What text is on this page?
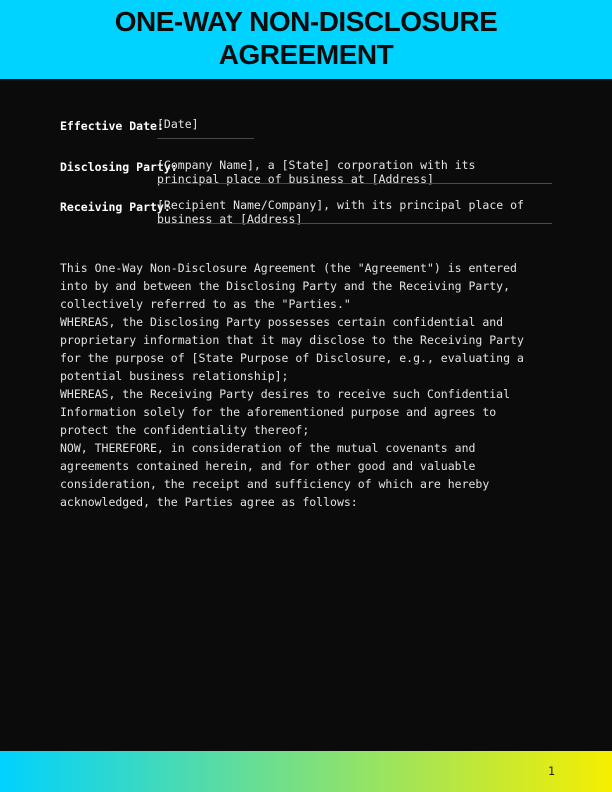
ONE-WAY NON-DISCLOSURE
AGREEMENT
Effective Date:
[Date]
Disclosing Party:
[Company Name], a [State] corporation with its
principal place of business at [Address]
Receiving Party:
[Recipient Name/Company], with its principal place of
business at [Address]

This One-Way Non-Disclosure Agreement (the "Agreement") is entered into by and between the Disclosing Party and the Receiving Party, collectively referred to as the "Parties."

WHEREAS, the Disclosing Party possesses certain confidential and proprietary information that it may disclose to the Receiving Party for the purpose of [State Purpose of Disclosure, e.g., evaluating a potential business relationship];

WHEREAS, the Receiving Party desires to receive such Confidential Information solely for the aforementioned purpose and agrees to protect the confidentiality thereof;

NOW, THEREFORE, in consideration of the mutual covenants and agreements contained herein, and for other good and valuable consideration, the receipt and sufficiency of which are hereby acknowledged, the Parties agree as follows:

1
